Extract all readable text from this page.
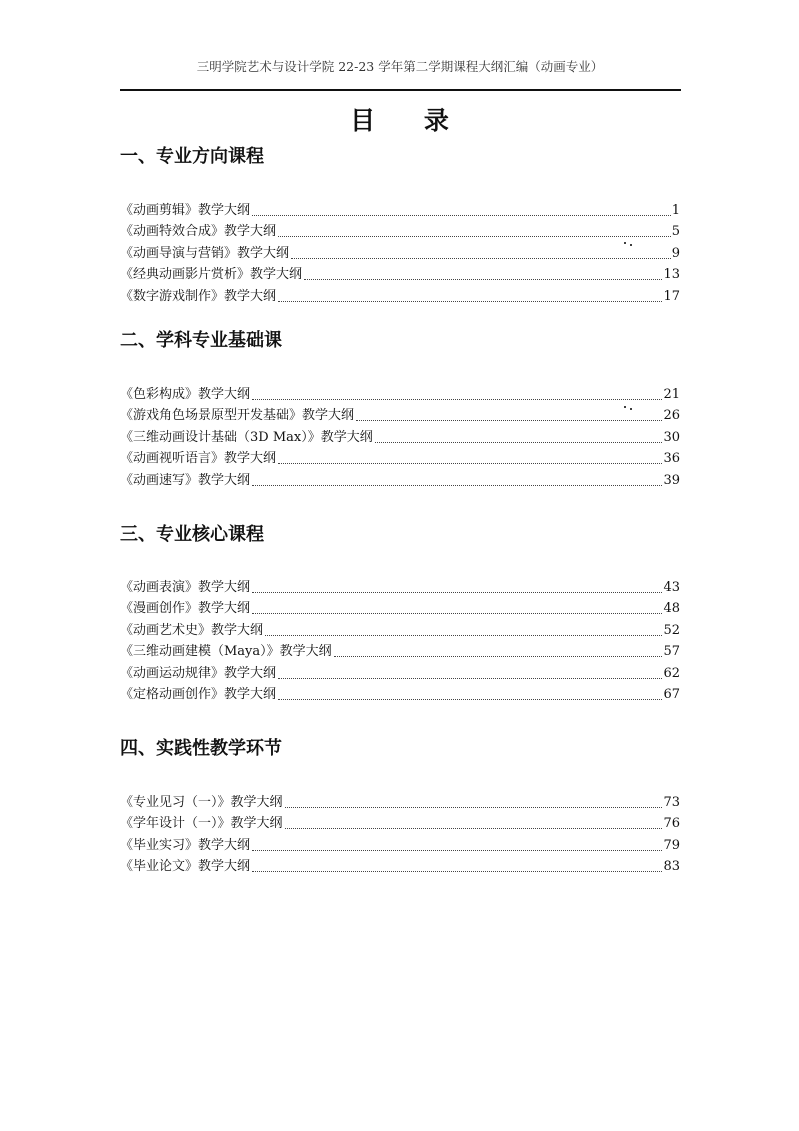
三明学院艺术与设计学院 22-23 学年第二学期课程大纲汇编（动画专业）
目 录
一、专业方向课程
《动画剪辑》教学大纲	1
《动画特效合成》教学大纲	5
《动画导演与营销》教学大纲	9
《经典动画影片赏析》教学大纲	13
《数字游戏制作》教学大纲	17
二、学科专业基础课
《色彩构成》教学大纲	21
《游戏角色场景原型开发基础》教学大纲	26
《三维动画设计基础（3D Max）》教学大纲	30
《动画视听语言》教学大纲	36
《动画速写》教学大纲	39
三、专业核心课程
《动画表演》教学大纲	43
《漫画创作》教学大纲	48
《动画艺术史》教学大纲	52
《三维动画建模（Maya）》教学大纲	57
《动画运动规律》教学大纲	62
《定格动画创作》教学大纲	67
四、实践性教学环节
《专业见习（一）》教学大纲	73
《学年设计（一）》教学大纲	76
《毕业实习》教学大纲	79
《毕业论文》教学大纲	83
